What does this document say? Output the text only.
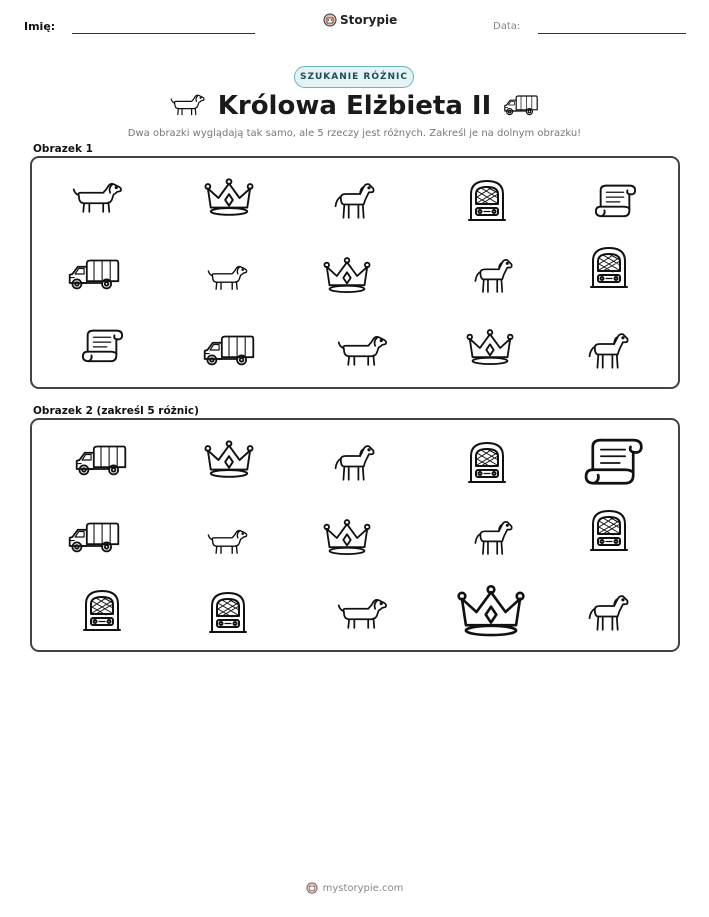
Imię:	Storypie	Data:
SZUKANIE RÓŻNIC
Królowa Elżbieta II
Dwa obrazki wyglądają tak samo, ale 5 rzeczy jest różnych. Zakreśl je na dolnym obrazku!
Obrazek 1
Obrazek 2 (zakreśl 5 różnic)
mystorypie.com
